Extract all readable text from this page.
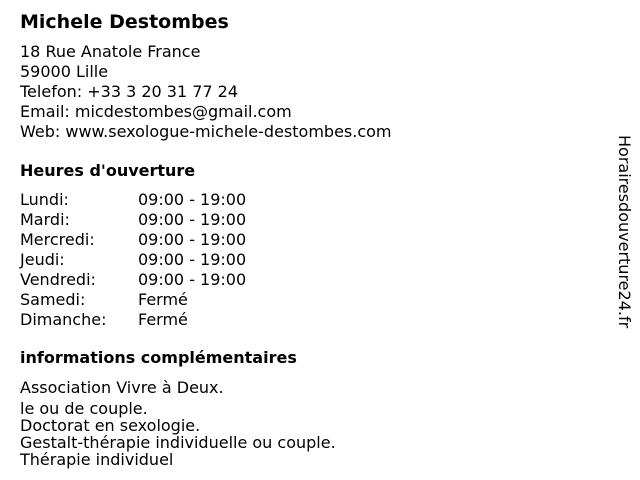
Michele Destombes
18 Rue Anatole France
59000 Lille
Telefon: +33 3 20 31 77 24
Email: micdestombes@gmail.com
Web: www.sexologue-michele-destombes.com
Heures d'ouverture
Lundi:	09:00 - 19:00
Mardi:	09:00 - 19:00
Mercredi:	09:00 - 19:00
Jeudi:	09:00 - 19:00
Vendredi:	09:00 - 19:00
Samedi:	Fermé
Dimanche:	Fermé
informations complémentaires
Association Vivre à Deux.
le ou de couple.
Doctorat en sexologie.
Gestalt-thérapie individuelle ou couple.
Thérapie individuel
Horairesdouverture24.fr
